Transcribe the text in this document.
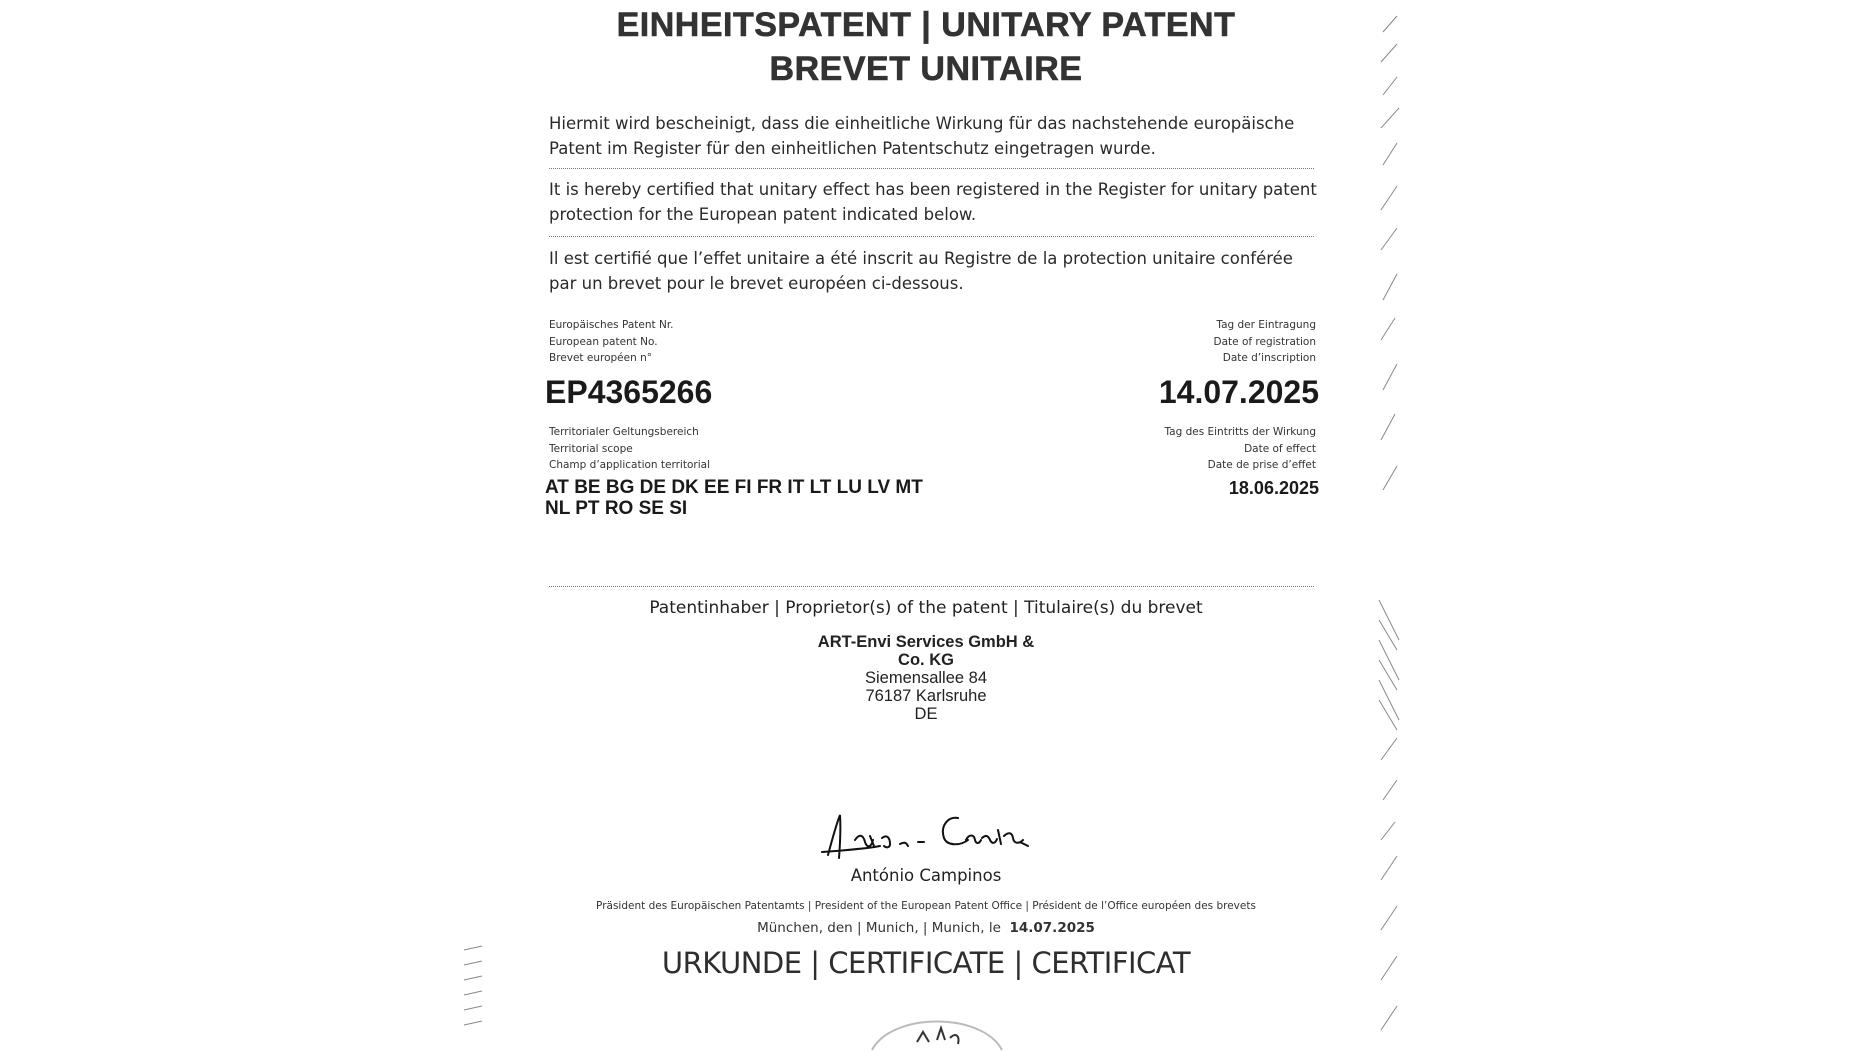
EINHEITSPATENT | UNITARY PATENT
BREVET UNITAIRE
Hiermit wird bescheinigt, dass die einheitliche Wirkung für das nachstehende europäische Patent im Register für den einheitlichen Patentschutz eingetragen wurde.
It is hereby certified that unitary effect has been registered in the Register for unitary patent protection for the European patent indicated below.
Il est certifié que l’effet unitaire a été inscrit au Registre de la protection unitaire conférée par un brevet pour le brevet européen ci-dessous.
Europäisches Patent Nr.
European patent No.
Brevet européen n°
EP4365266
Tag der Eintragung
Date of registration
Date d’inscription
14.07.2025
Territorialer Geltungsbereich
Territorial scope
Champ d’application territorial
AT BE BG DE DK EE FI FR IT LT LU LV MT
NL PT RO SE SI
Tag des Eintritts der Wirkung
Date of effect
Date de prise d’effet
18.06.2025
Patentinhaber | Proprietor(s) of the patent | Titulaire(s) du brevet
ART-Envi Services GmbH &
Co. KG
Siemensallee 84
76187 Karlsruhe
DE
António Campinos
Präsident des Europäischen Patentamts | President of the European Patent Office | Président de l’Office européen des brevets
München, den | Munich, | Munich, le 14.07.2025
URKUNDE | CERTIFICATE | CERTIFICAT
